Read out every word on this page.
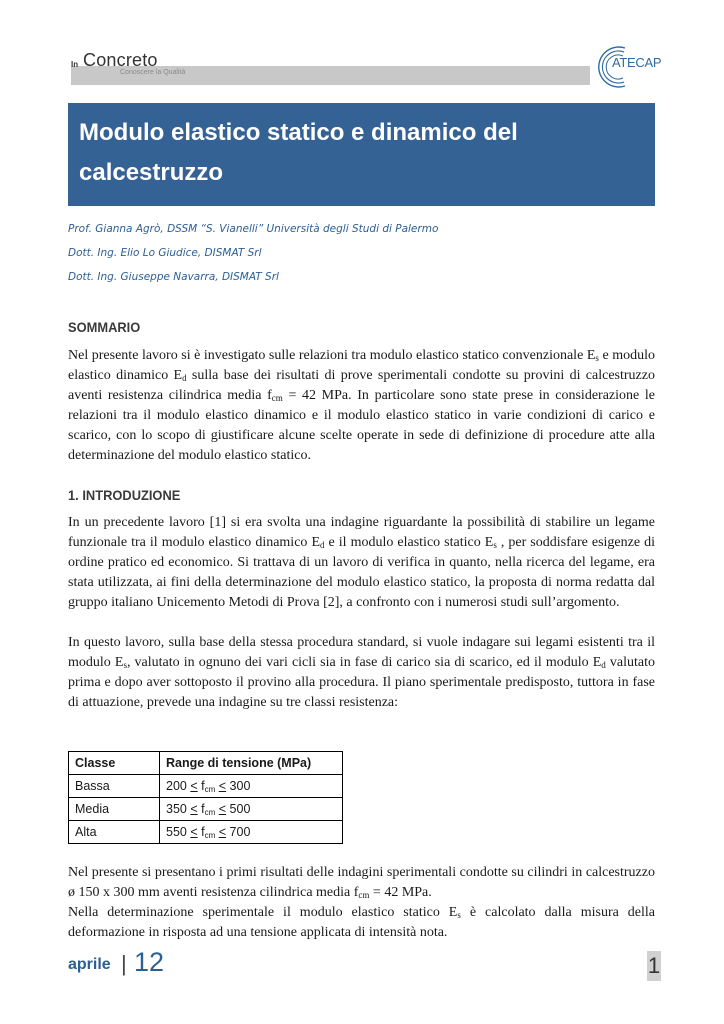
In Concreto
Conoscere la Qualità
ATECAP
Modulo elastico statico e dinamico del
calcestruzzo

Prof. Gianna Agrò, DSSM “S. Vianelli” Università degli Studi di Palermo

Dott. Ing. Elio Lo Giudice, DISMAT Srl

Dott. Ing. Giuseppe Navarra, DISMAT Srl

SOMMARIO

Nel presente lavoro si è investigato sulle relazioni tra modulo elastico statico convenzionale $E_s$ e modulo elastico dinamico $E_d$ sulla base dei risultati di prove sperimentali condotte su provini di calcestruzzo aventi resistenza cilindrica media $f_{cm} = 42$ MPa. In particolare sono state prese in considerazione le relazioni tra il modulo elastico dinamico e il modulo elastico statico in varie condizioni di carico e scarico, con lo scopo di giustificare alcune scelte operate in sede di definizione di procedure atte alla determinazione del modulo elastico statico.

1. INTRODUZIONE

In un precedente lavoro [1] si era svolta una indagine riguardante la possibilità di stabilire un legame funzionale tra il modulo elastico dinamico $E_d$ e il modulo elastico statico $E_s$ , per soddisfare esigenze di ordine pratico ed economico. Si trattava di un lavoro di verifica in quanto, nella ricerca del legame, era stata utilizzata, ai fini della determinazione del modulo elastico statico, la proposta di norma redatta dal gruppo italiano Unicemento Metodi di Prova [2], a confronto con i numerosi studi sull’argomento.

In questo lavoro, sulla base della stessa procedura standard, si vuole indagare sui legami esistenti tra il modulo $E_s$, valutato in ognuno dei vari cicli sia in fase di carico sia di scarico, ed il modulo $E_d$ valutato prima e dopo aver sottoposto il provino alla procedura. Il piano sperimentale predisposto, tuttora in fase di attuazione, prevede una indagine su tre classi resistenza:

Classe	Range di tensione (MPa)
Bassa	$200 \le f_{cm} \le 300$
Media	$350 \le f_{cm} \le 500$
Alta	$550 \le f_{cm} \le 700$

Nel presente si presentano i primi risultati delle indagini sperimentali condotte su cilindri in calcestruzzo ø 150 x 300 mm aventi resistenza cilindrica media $f_{cm} = 42$ MPa.

Nella determinazione sperimentale il modulo elastico statico $E_s$ è calcolato dalla misura della deformazione in risposta ad una tensione applicata di intensità nota.

aprile | 12	1
